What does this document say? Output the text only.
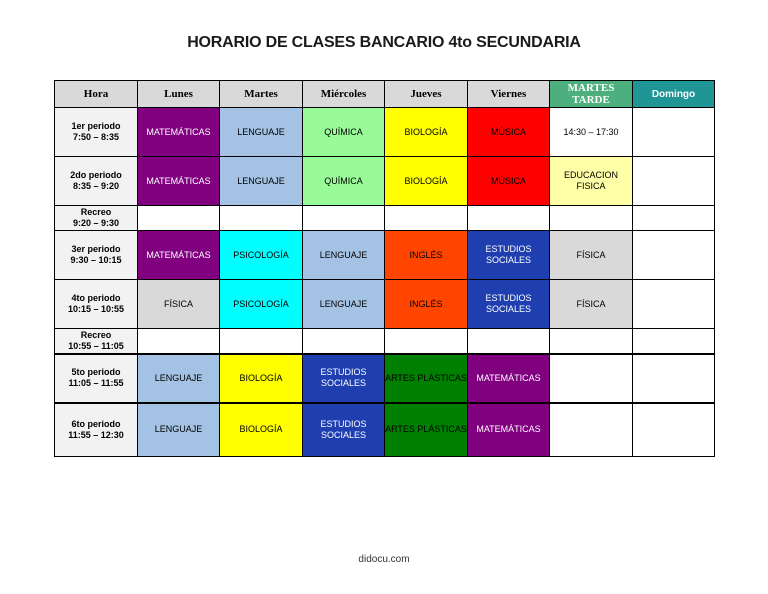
HORARIO DE CLASES BANCARIO 4to SECUNDARIA
Hora	Lunes	Martes	Miércoles	Jueves	Viernes	MARTES
TARDE	Domingo

1er periodo
7:50 – 8:35	MATEMÁTICAS	LENGUAJE	QUÍMICA	BIOLOGÍA	MÚSICA	14:30 – 17:30	

2do periodo
8:35 – 9:20	MATEMÁTICAS	LENGUAJE	QUÍMICA	BIOLOGÍA	MÚSICA	EDUCACION
FISICA	

Recreo
9:20 – 9:30							

3er periodo
9:30 – 10:15	MATEMÁTICAS	PSICOLOGÍA	LENGUAJE	INGLÉS	ESTUDIOS
SOCIALES	FÍSICA	

4to periodo
10:15 – 10:55	FÍSICA	PSICOLOGÍA	LENGUAJE	INGLÉS	ESTUDIOS
SOCIALES	FÍSICA	

Recreo
10:55 – 11:05							

5to periodo
11:05 – 11:55	LENGUAJE	BIOLOGÍA	ESTUDIOS
SOCIALES	ARTES PLÁSTICAS	MATEMÁTICAS		

6to periodo
11:55 – 12:30	LENGUAJE	BIOLOGÍA	ESTUDIOS
SOCIALES	ARTES PLÁSTICAS	MATEMÁTICAS		
didocu.com
